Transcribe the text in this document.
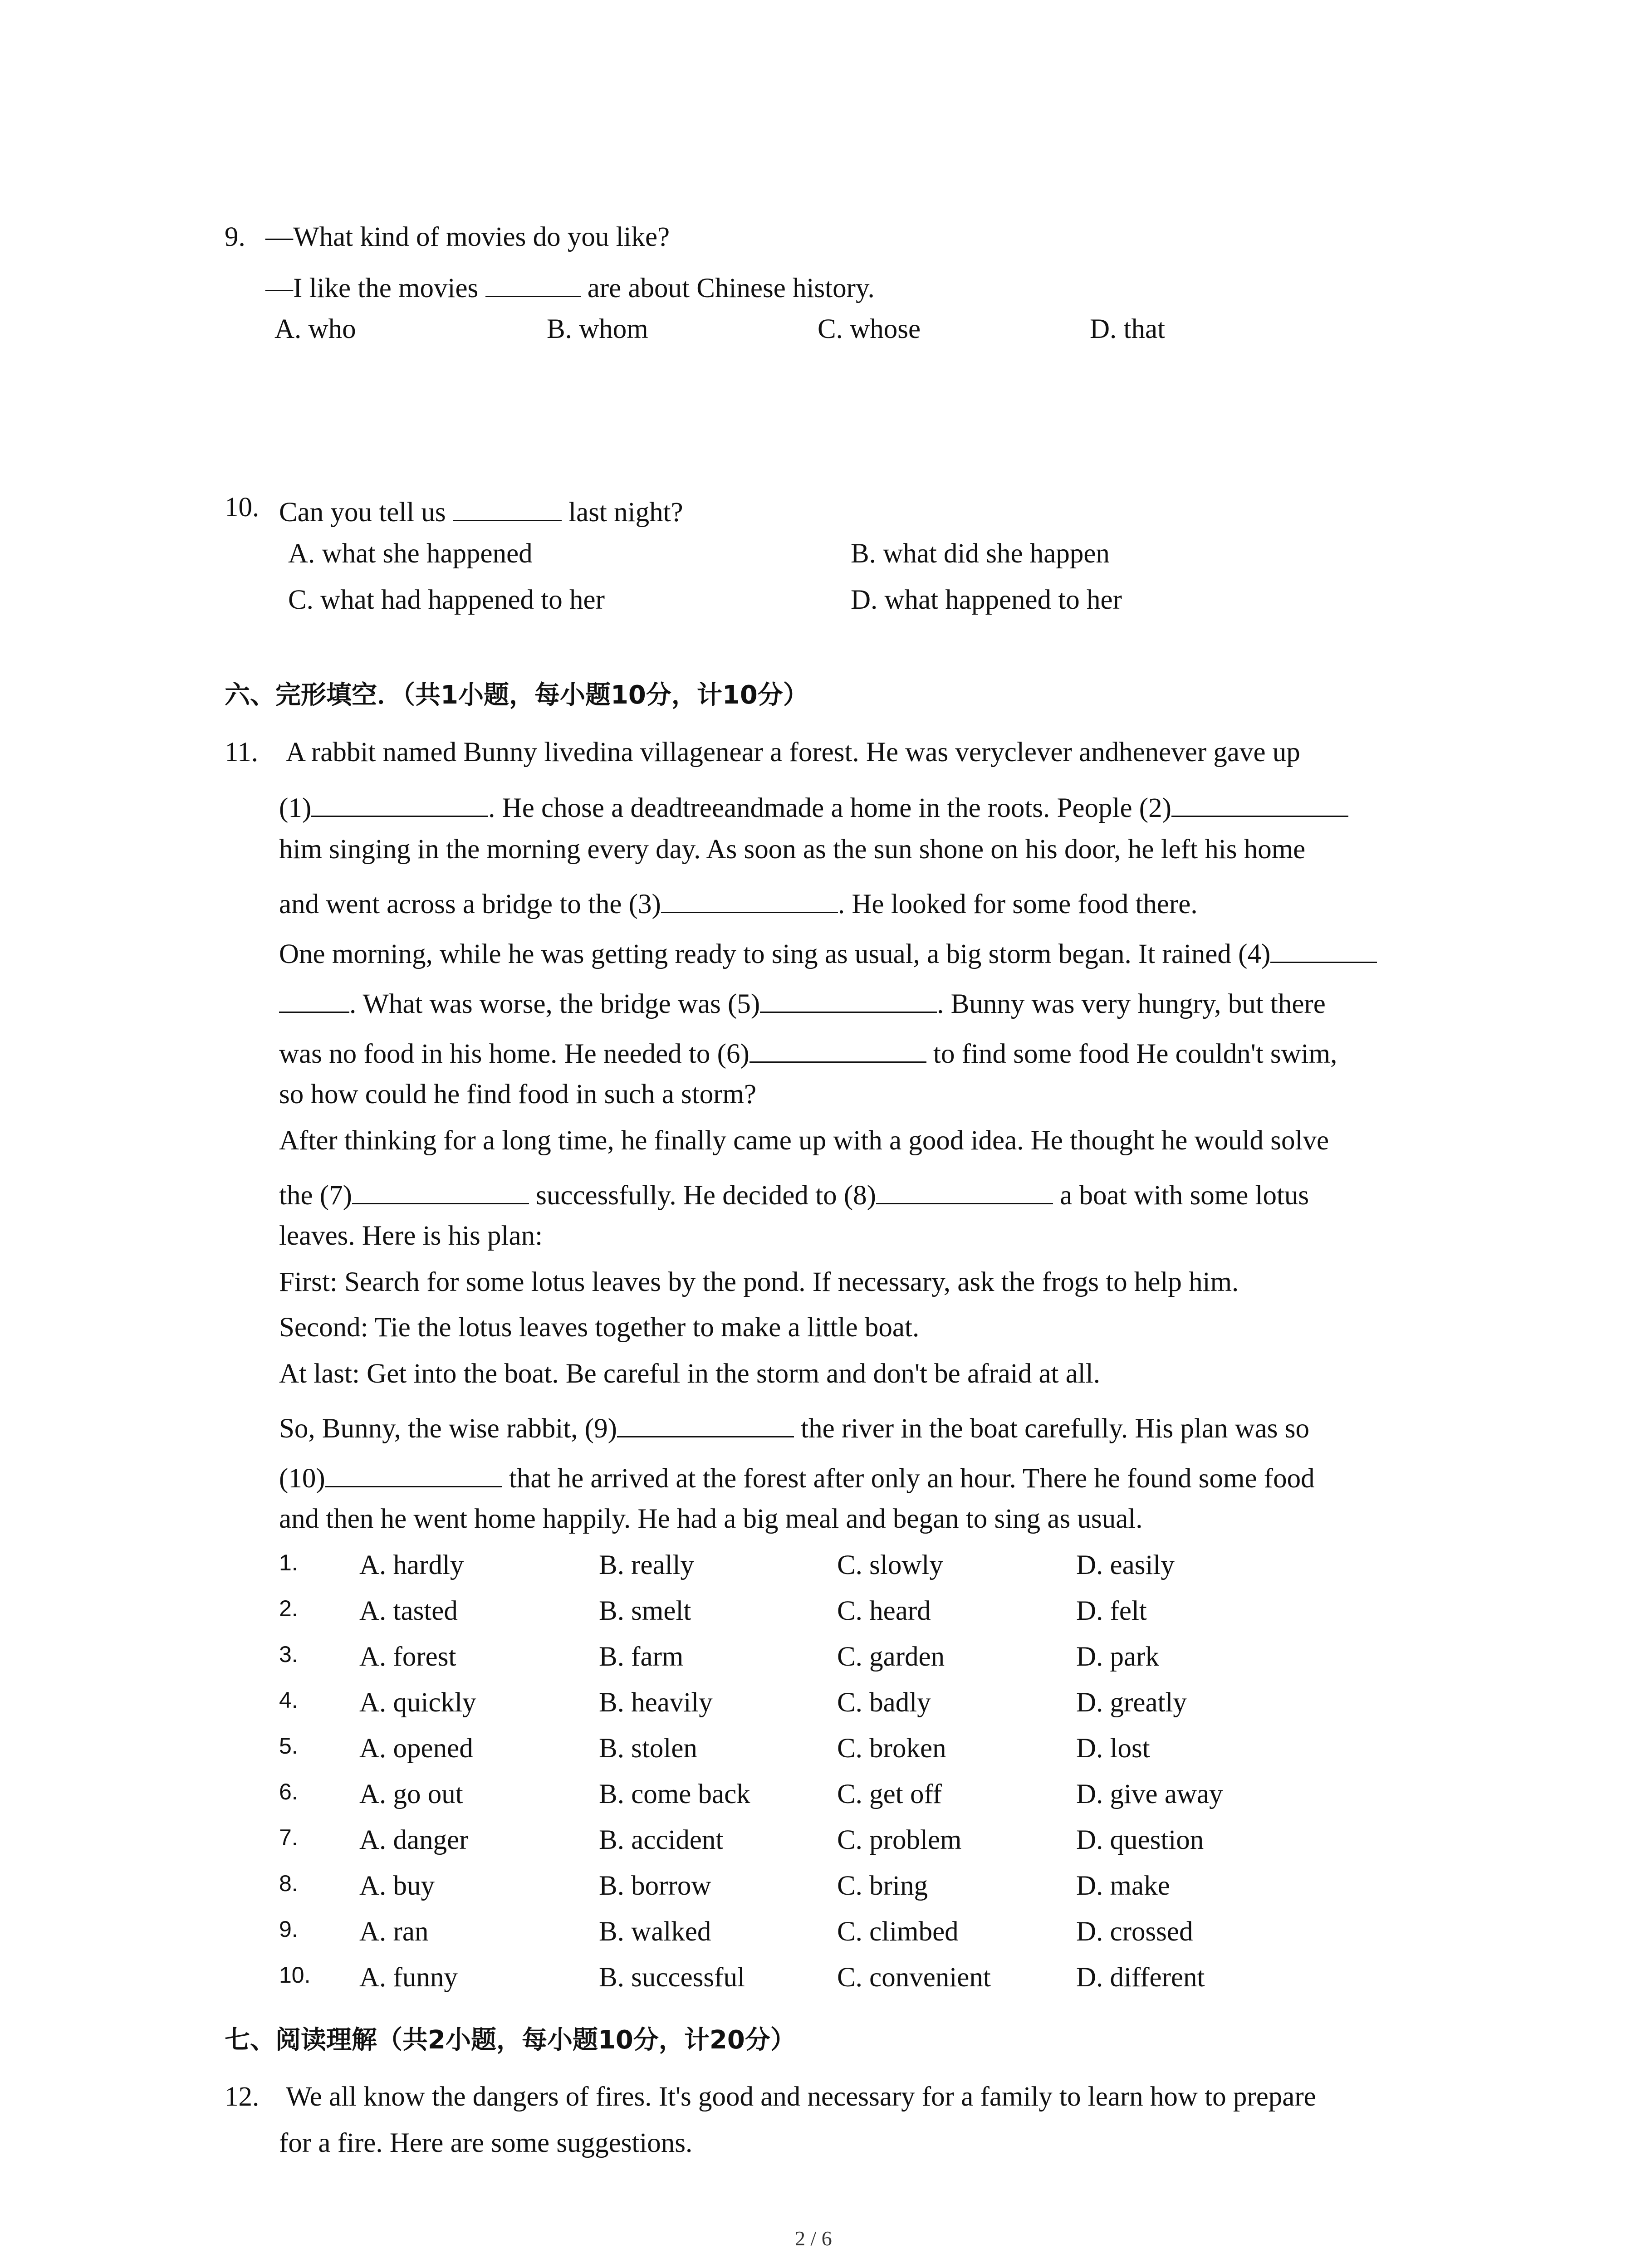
9. —What kind of movies do you like?
—I like the movies	are about Chinese history.
A. who	B. whom	C. whose	D. that
10. Can you tell us	last night?
A. what she happened	B. what did she happen
C. what had happened to her	D. what happened to her
六、完形填空．（共1小题，每小题10分，计10分）
11. A rabbit named Bunny livedina villagenear a forest. He was veryclever andhenever gave up
(1)	. He chose a deadtreeandmade a home in the roots. People (2)
him singing in the morning every day. As soon as the sun shone on his door, he left his home
and went across a bridge to the (3)	. He looked for some food there.
One morning, while he was getting ready to sing as usual, a big storm began. It rained (4)
. What was worse, the bridge was (5)	. Bunny was very hungry, but there
was no food in his home. He needed to (6)	to find some food He couldn't swim,
so how could he find food in such a storm?
After thinking for a long time, he finally came up with a good idea. He thought he would solve
the (7)	successfully. He decided to (8)	a boat with some lotus
leaves. Here is his plan:
First: Search for some lotus leaves by the pond. If necessary, ask the frogs to help him.
Second: Tie the lotus leaves together to make a little boat.
At last: Get into the boat. Be careful in the storm and don't be afraid at all.
So, Bunny, the wise rabbit, (9)	the river in the boat carefully. His plan was so
(10)	that he arrived at the forest after only an hour. There he found some food
and then he went home happily. He had a big meal and began to sing as usual.
1. A. hardly	B. really	C. slowly	D. easily
2. A. tasted	B. smelt	C. heard	D. felt
3. A. forest	B. farm	C. garden	D. park
4. A. quickly	B. heavily	C. badly	D. greatly
5. A. opened	B. stolen	C. broken	D. lost
6. A. go out	B. come back	C. get off	D. give away
7. A. danger	B. accident	C. problem	D. question
8. A. buy	B. borrow	C. bring	D. make
9. A. ran	B. walked	C. climbed	D. crossed
10. A. funny	B. successful	C. convenient	D. different
七、阅读理解（共2小题，每小题10分，计20分）
12. We all know the dangers of fires. It's good and necessary for a family to learn how to prepare
for a fire. Here are some suggestions.
2 / 6
